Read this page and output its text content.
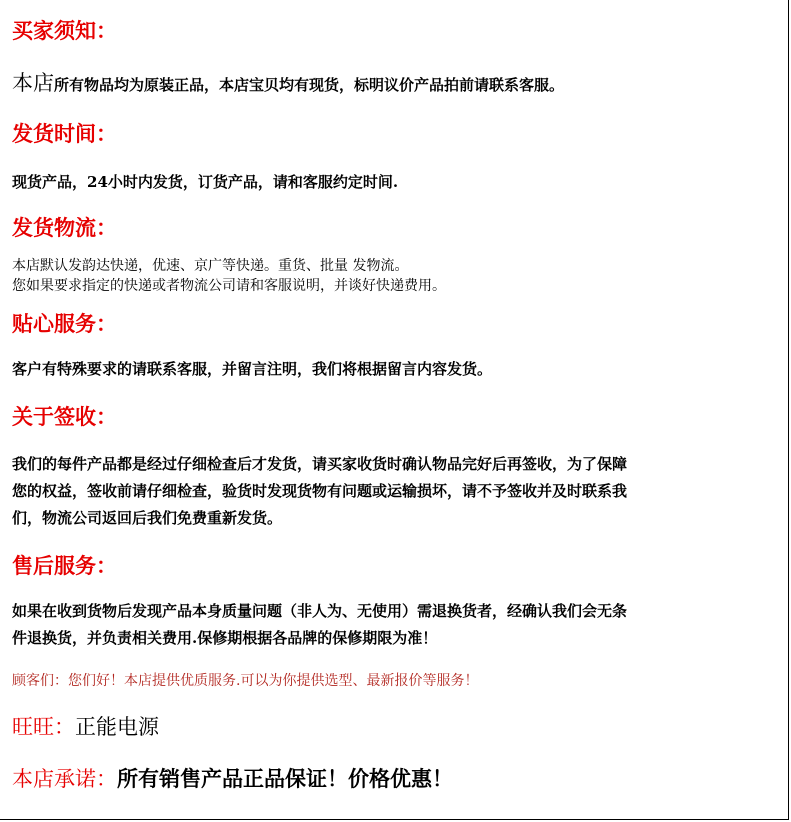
买家须知：

本店所有物品均为原装正品，本店宝贝均有现货，标明议价产品拍前请联系客服。

发货时间：

现货产品，24小时内发货，订货产品，请和客服约定时间.

发货物流：

本店默认发韵达快递，优速、京广等快递。重货、批量 发物流。

您如果要求指定的快递或者物流公司请和客服说明，并谈好快递费用。

贴心服务：

客户有特殊要求的请联系客服，并留言注明，我们将根据留言内容发货。

关于签收：

我们的每件产品都是经过仔细检查后才发货，请买家收货时确认物品完好后再签收，为了保障

您的权益，签收前请仔细检查，验货时发现货物有问题或运输损坏，请不予签收并及时联系我

们，物流公司返回后我们免费重新发货。

售后服务：

如果在收到货物后发现产品本身质量问题（非人为、无使用）需退换货者，经确认我们会无条

件退换货，并负责相关费用.保修期根据各品牌的保修期限为准！

顾客们：您们好！本店提供优质服务.可以为你提供选型、最新报价等服务！

旺旺：正能电源

本店承诺：所有销售产品正品保证！价格优惠！
